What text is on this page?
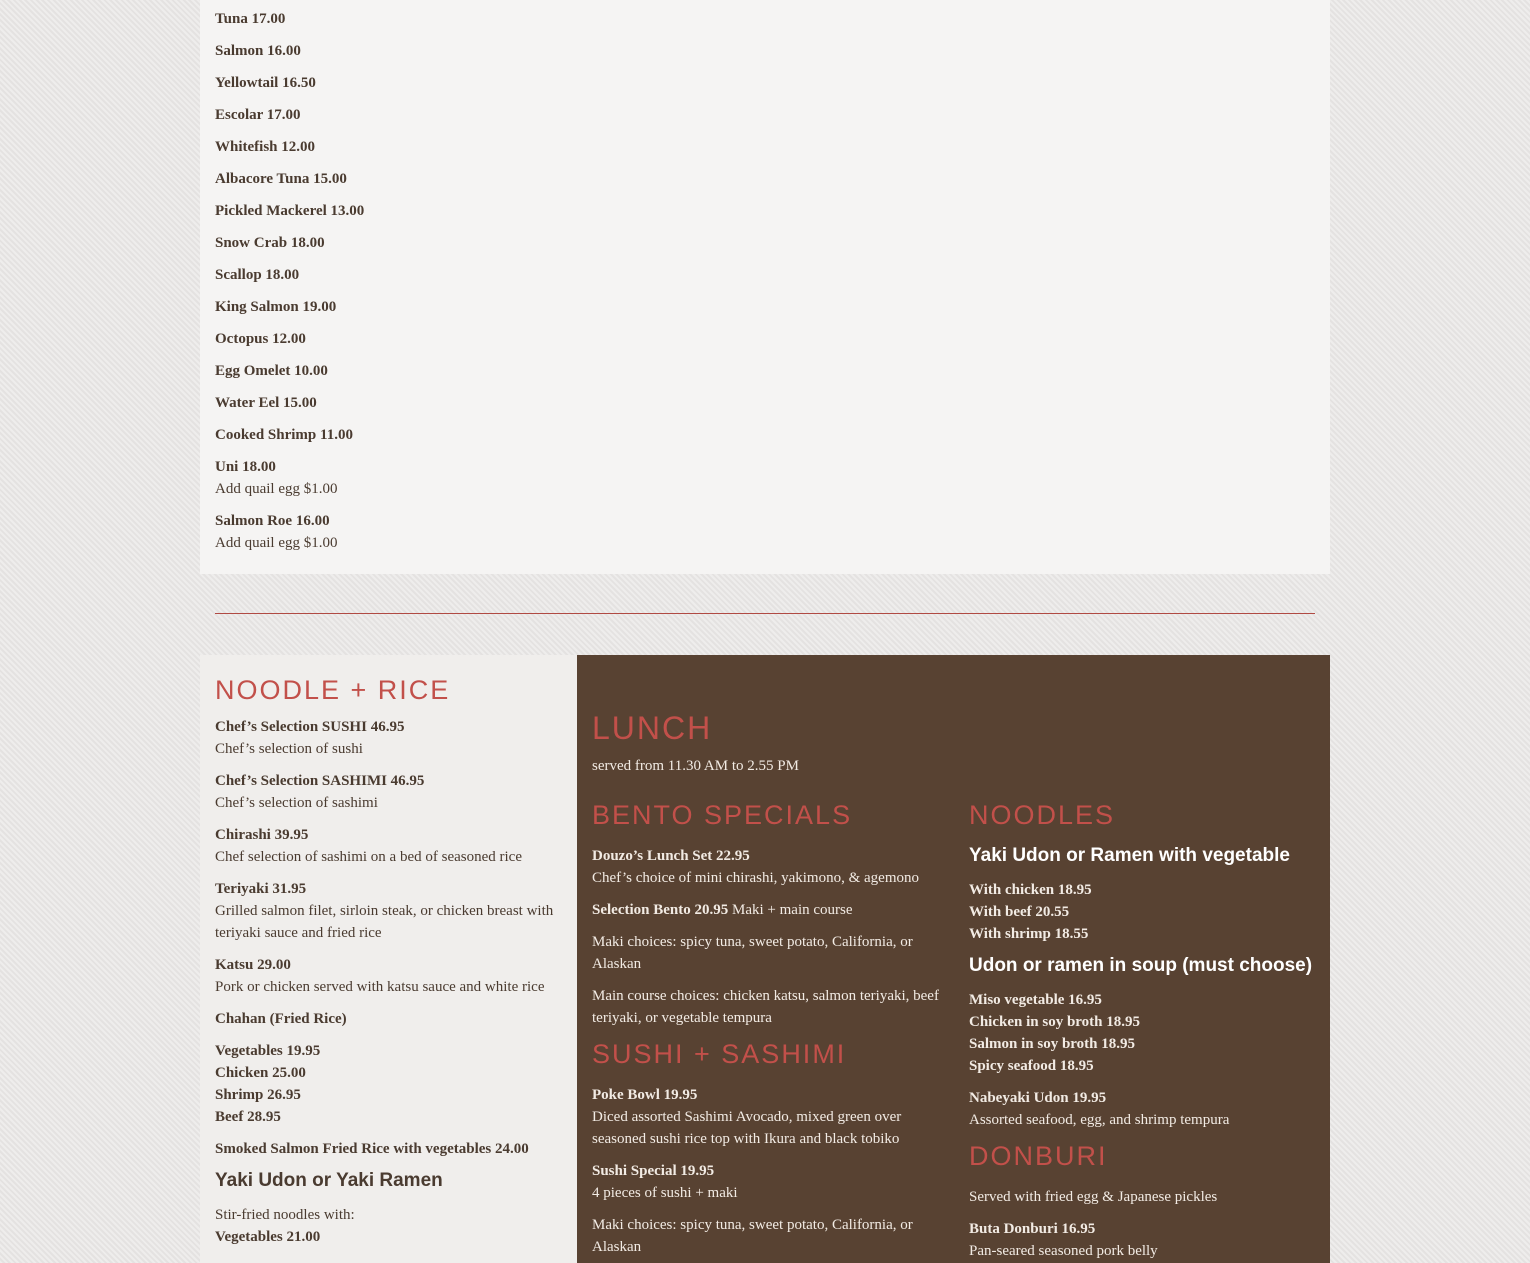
Tuna 17.00
Salmon 16.00
Yellowtail 16.50
Escolar 17.00
Whitefish 12.00
Albacore Tuna 15.00
Pickled Mackerel 13.00
Snow Crab 18.00
Scallop 18.00
King Salmon 19.00
Octopus 12.00
Egg Omelet 10.00
Water Eel 15.00
Cooked Shrimp 11.00
Uni 18.00
Add quail egg $1.00
Salmon Roe 16.00
Add quail egg $1.00
NOODLE + RICE
Chef’s Selection SUSHI 46.95
Chef’s selection of sushi
Chef’s Selection SASHIMI 46.95
Chef’s selection of sashimi
Chirashi 39.95
Chef selection of sashimi on a bed of seasoned rice
Teriyaki 31.95
Grilled salmon filet, sirloin steak, or chicken breast with teriyaki sauce and fried rice
Katsu 29.00
Pork or chicken served with katsu sauce and white rice
Chahan (Fried Rice)
Vegetables 19.95
Chicken 25.00
Shrimp 26.95
Beef 28.95
Smoked Salmon Fried Rice with vegetables 24.00
Yaki Udon or Yaki Ramen
Stir-fried noodles with:
Vegetables 21.00
LUNCH
served from 11.30 AM to 2.55 PM
BENTO SPECIALS
Douzo’s Lunch Set 22.95
Chef’s choice of mini chirashi, yakimono, & agemono
Selection Bento 20.95 Maki + main course
Maki choices: spicy tuna, sweet potato, California, or Alaskan
Main course choices: chicken katsu, salmon teriyaki, beef teriyaki, or vegetable tempura
SUSHI + SASHIMI
Poke Bowl 19.95
Diced assorted Sashimi Avocado, mixed green over seasoned sushi rice top with Ikura and black tobiko
Sushi Special 19.95
4 pieces of sushi + maki
Maki choices: spicy tuna, sweet potato, California, or Alaskan
NOODLES
Yaki Udon or Ramen with vegetable
With chicken 18.95
With beef 20.55
With shrimp 18.55
Udon or ramen in soup (must choose)
Miso vegetable 16.95
Chicken in soy broth 18.95
Salmon in soy broth 18.95
Spicy seafood 18.95
Nabeyaki Udon 19.95
Assorted seafood, egg, and shrimp tempura
DONBURI
Served with fried egg & Japanese pickles
Buta Donburi 16.95
Pan-seared seasoned pork belly
